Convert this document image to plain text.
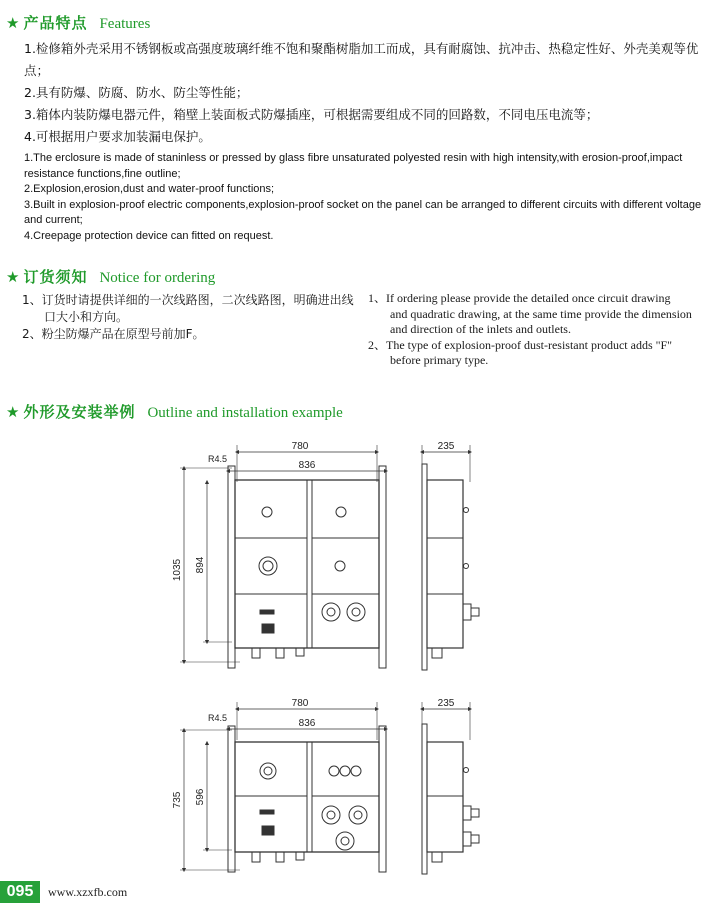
★ 产品特点 Features
1.检修箱外壳采用不锈钢板或高强度玻璃纤维不饱和聚酯树脂加工而成，具有耐腐蚀、抗冲击、热稳定性好、外壳美观等优点；
2.具有防爆、防腐、防水、防尘等性能；
3.箱体内装防爆电器元件，箱壁上装面板式防爆插座，可根据需要组成不同的回路数，不同电压电流等；
4.可根据用户要求加装漏电保护。
1.The erclosure is made of staninless or pressed by glass fibre unsaturated polyested resin with high intensity,with erosion-proof,impact resistance functions,fine outline;
2.Explosion,erosion,dust and water-proof functions;
3.Built in explosion-proof electric components,explosion-proof socket on the panel can be arranged to different circuits with different voltage and current;
4.Creepage protection device can fitted on request.
★ 订货须知 Notice for ordering
1、订货时请提供详细的一次线路图，二次线路图，明确进出线
口大小和方向。
2、粉尘防爆产品在原型号前加F。
1、If ordering please provide the detailed once circuit drawing
and quadratic drawing, at the same time provide the dimension
and direction of the inlets and outlets.
2、The type of explosion-proof dust-resistant product adds "F"
before primary type.
★ 外形及安装举例 Outline and installation example
780
836
R4.5
1035 894
235
780
836
R4.5
735 596
235
095	www.xzxfb.com
